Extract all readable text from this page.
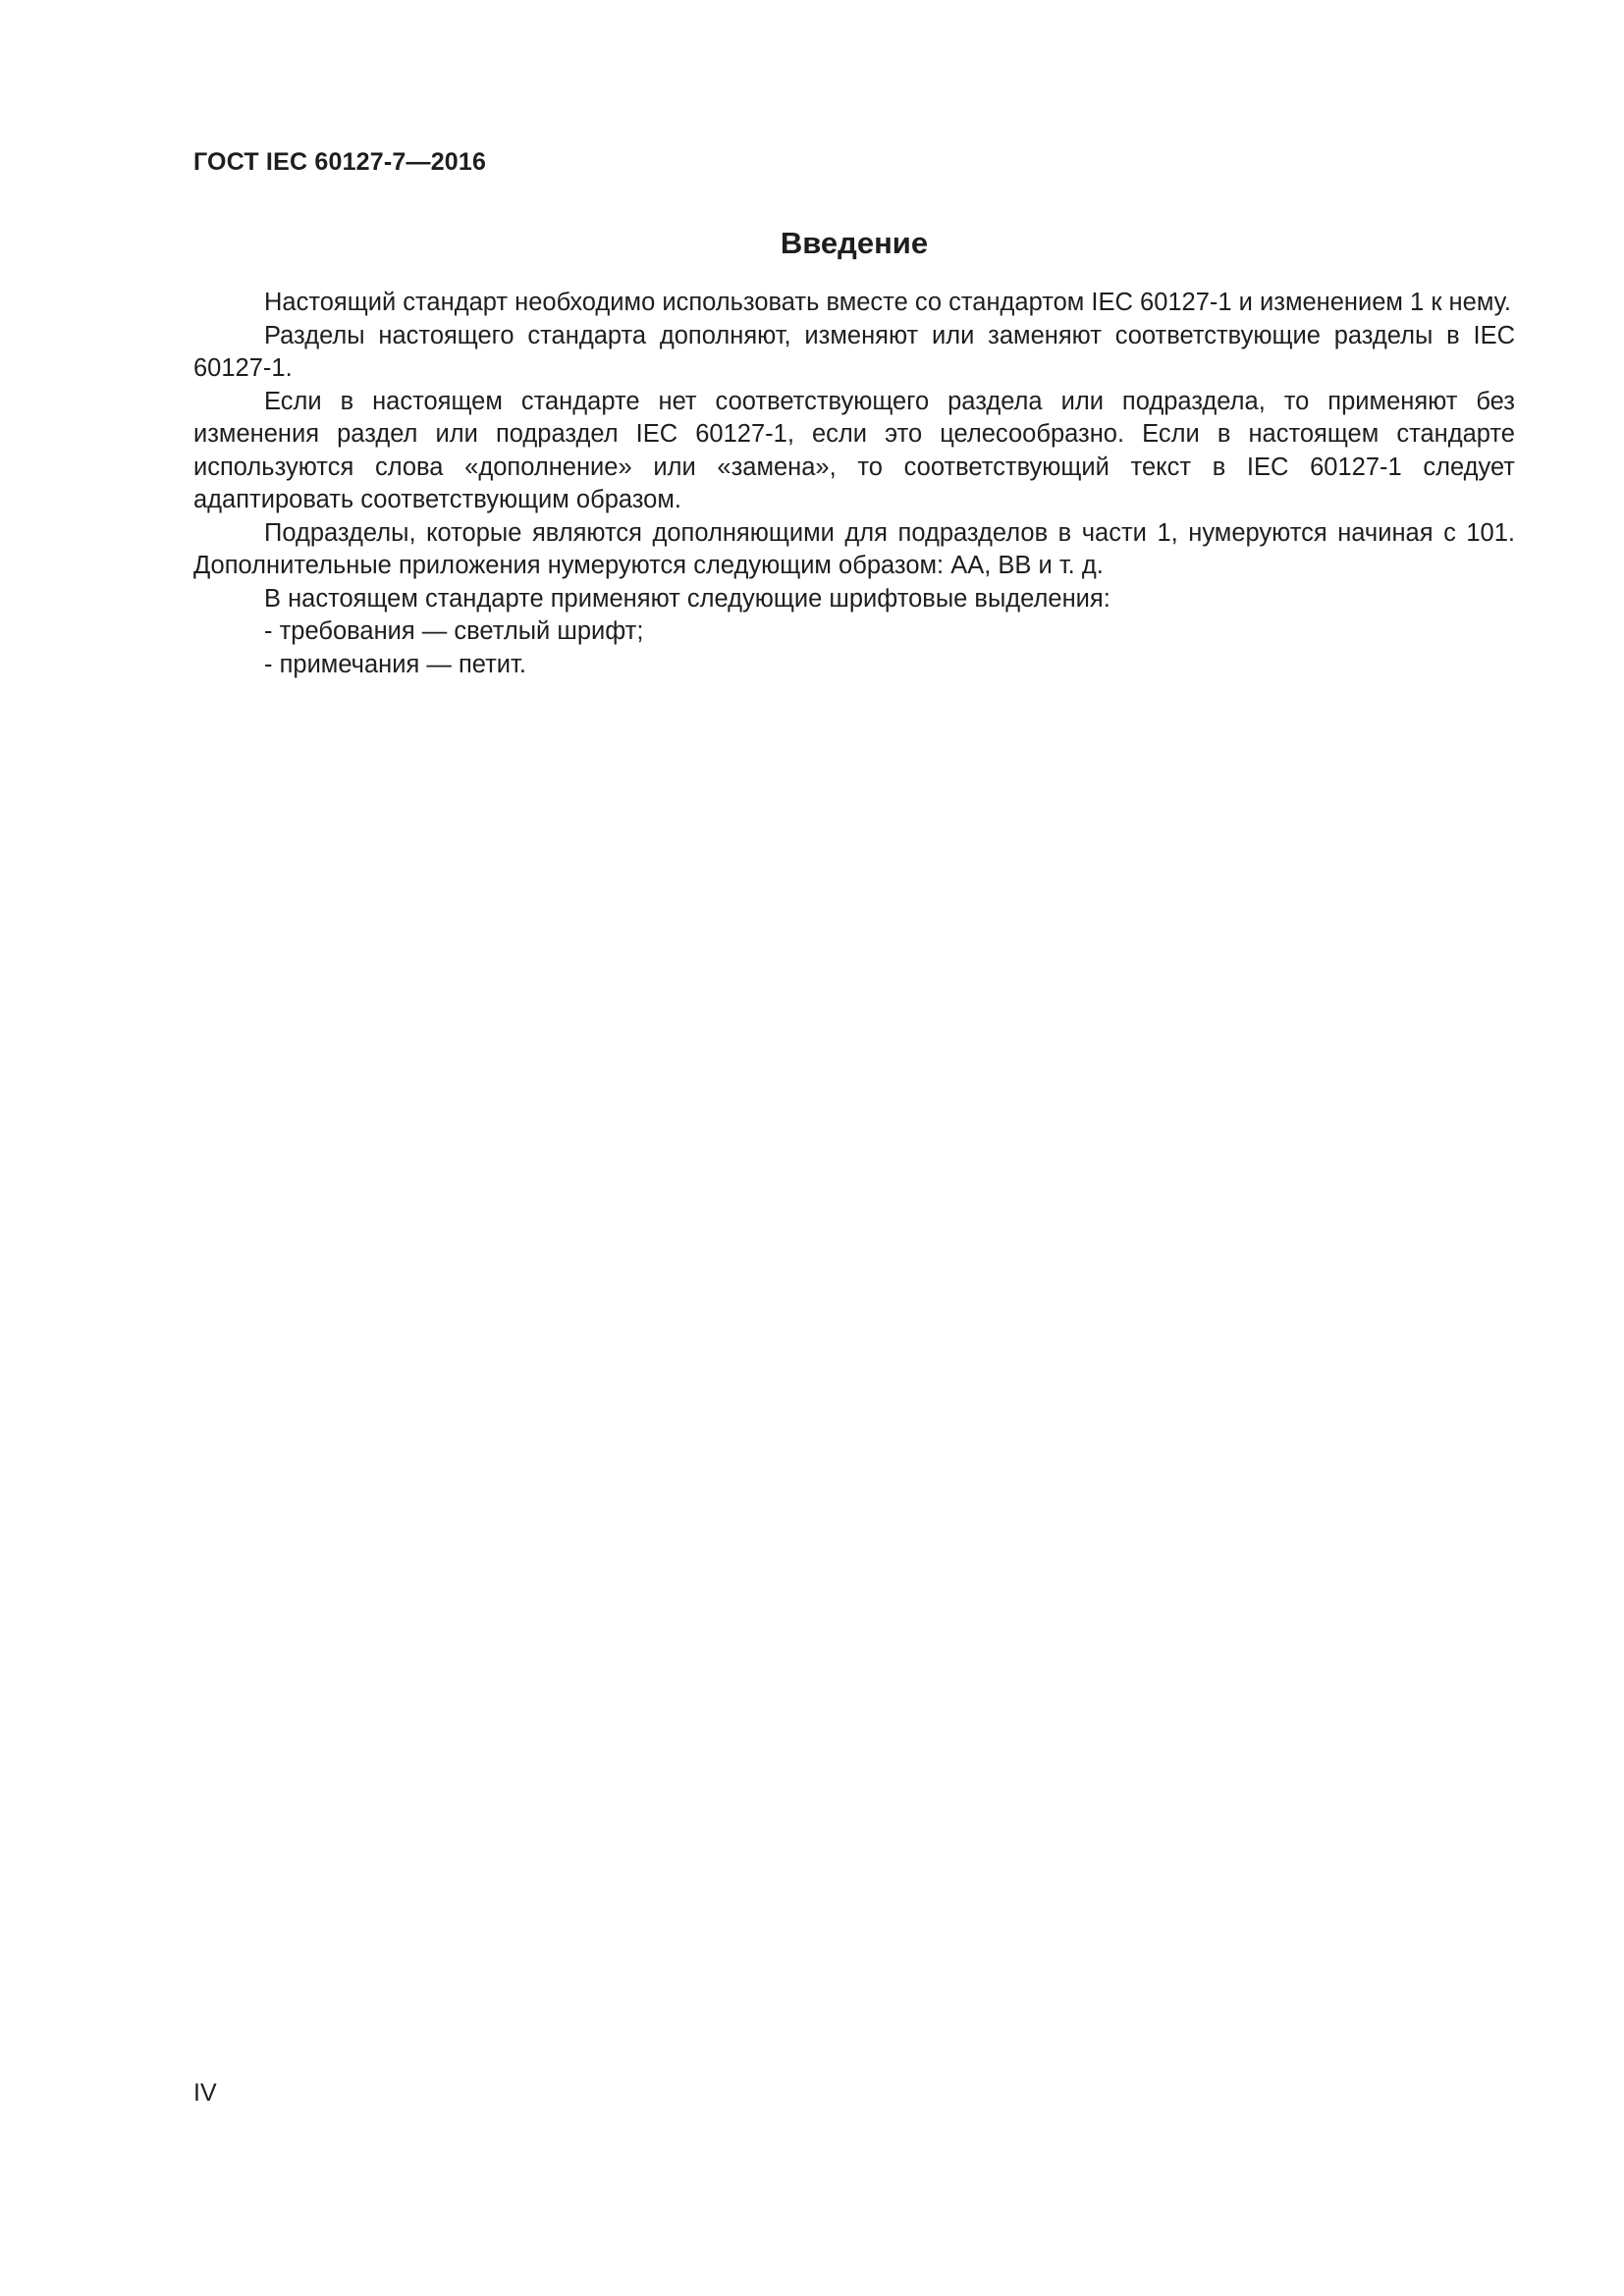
ГОСТ IEC 60127-7—2016

Введение

Настоящий стандарт необходимо использовать вместе со стандартом IEC 60127-1 и изменением 1 к нему.

Разделы настоящего стандарта дополняют, изменяют или заменяют соответствующие разделы в IEC 60127-1.

Если в настоящем стандарте нет соответствующего раздела или подраздела, то применяют без изменения раздел или подраздел IEC 60127-1, если это целесообразно. Если в настоящем стандарте используются слова «дополнение» или «замена», то соответствующий текст в IEC 60127-1 следует адаптировать соответствующим образом.

Подразделы, которые являются дополняющими для подразделов в части 1, нумеруются начиная с 101. Дополнительные приложения нумеруются следующим образом: АА, ВВ и т. д.

В настоящем стандарте применяют следующие шрифтовые выделения:

- требования — светлый шрифт;

- примечания — петит.

IV
